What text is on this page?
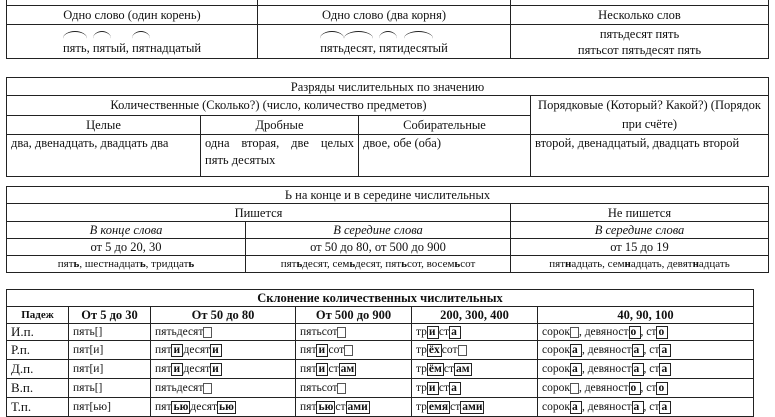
Одно слово (один корень)	Одно слово (два корня)	Несколько слов
пять, пятый, пятнадцатый	пятьдесят, пятидесятый	пятьдесят пять
пятьсот пятьдесят пять
Разряды числительных по значению			
Количественные (Сколько?) (число, количество предметов)			Порядковые (Который? Какой?) (Порядок при счёте)
Целые	Дробные	Собирательные	
два, двенадцать, двадцать два	одна вторая, две целых пять десятых	двое, обе (оба)	второй, двенадцатый, двадцать второй
Ь на конце и в середине числительных		
Пишется		Не пишется
В конце слова	В середине слова	В середине слова
от 5 до 20, 30	от 50 до 80, от 500 до 900	от 15 до 19
пять, шестнадцать, тридцать	пятьдесят, семьдесят, пятьсот, восемьсот	пятнадцать, семнадцать, девятнадцать
Склонение количественных числительных					
Падеж	От 5 до 30	От 50 до 80	От 500 до 900	200, 300, 400	40, 90, 100
И.п.	пять[]	пятьдесят	пятьсот	тр и ст а	сорок , девяност о , ст о
Р.п.	пят[и]	пят и десят и	пят и сот	тр ёх сот	сорок а , девяност а , ст а
Д.п.	пят[и]	пят и десят и	пят и ст ам	тр ём ст ам	сорок а , девяност а , ст а
В.п.	пять[]	пятьдесят	пятьсот	тр и ст а	сорок , девяност о , ст о
Т.п.	пят[ью]	пят ью десят ью	пят ью ст ами	тр емя ст ами	сорок а , девяност а , ст а
